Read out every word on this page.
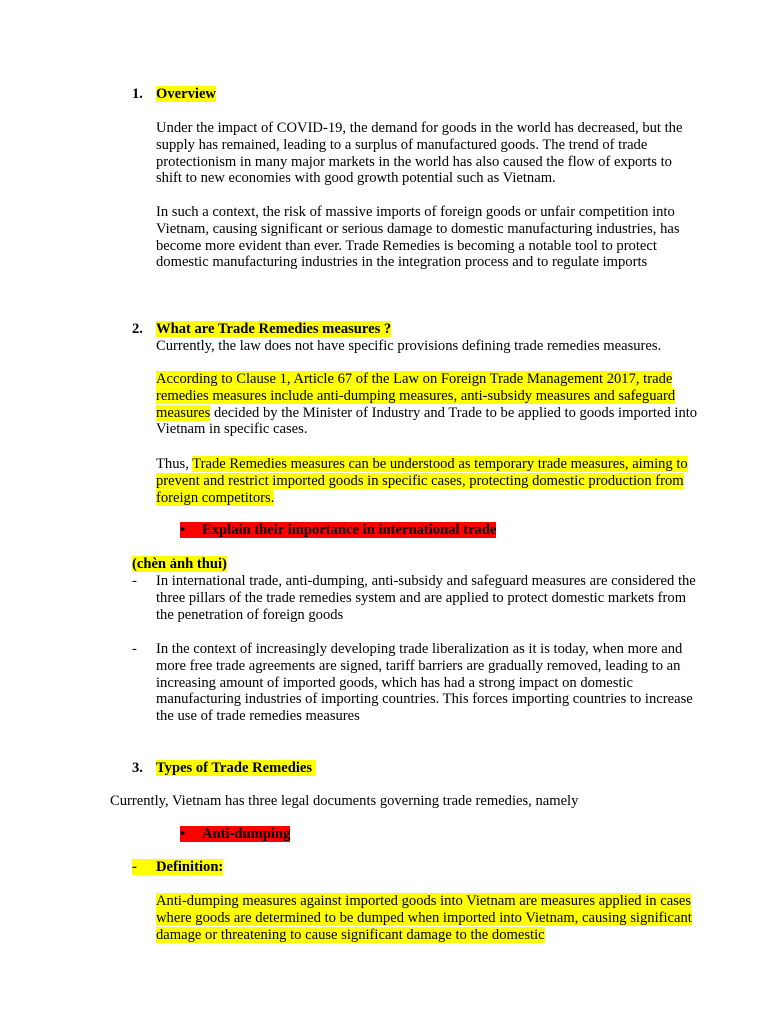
1. Overview

Under the impact of COVID-19, the demand for goods in the world has decreased, but the supply has remained, leading to a surplus of manufactured goods. The trend of trade protectionism in many major markets in the world has also caused the flow of exports to shift to new economies with good growth potential such as Vietnam.

In such a context, the risk of massive imports of foreign goods or unfair competition into Vietnam, causing significant or serious damage to domestic manufacturing industries, has become more evident than ever. Trade Remedies is becoming a notable tool to protect domestic manufacturing industries in the integration process and to regulate imports

2. What are Trade Remedies measures ?

Currently, the law does not have specific provisions defining trade remedies measures.

According to Clause 1, Article 67 of the Law on Foreign Trade Management 2017, trade remedies measures include anti-dumping measures, anti-subsidy measures and safeguard measures decided by the Minister of Industry and Trade to be applied to goods imported into Vietnam in specific cases.

Thus, Trade Remedies measures can be understood as temporary trade measures, aiming to prevent and restrict imported goods in specific cases, protecting domestic production from foreign competitors.

• Explain their importance in international trade
(chèn ảnh thui)
- In international trade, anti-dumping, anti-subsidy and safeguard measures are considered the three pillars of the trade remedies system and are applied to protect domestic markets from the penetration of foreign goods

- In the context of increasingly developing trade liberalization as it is today, when more and more free trade agreements are signed, tariff barriers are gradually removed, leading to an increasing amount of imported goods, which has had a strong impact on domestic manufacturing industries of importing countries. This forces importing countries to increase the use of trade remedies measures

3. Types of Trade Remedies

Currently, Vietnam has three legal documents governing trade remedies, namely

• Anti-dumping
- Definition:

Anti-dumping measures against imported goods into Vietnam are measures applied in cases where goods are determined to be dumped when imported into Vietnam, causing significant damage or threatening to cause significant damage to the domestic
